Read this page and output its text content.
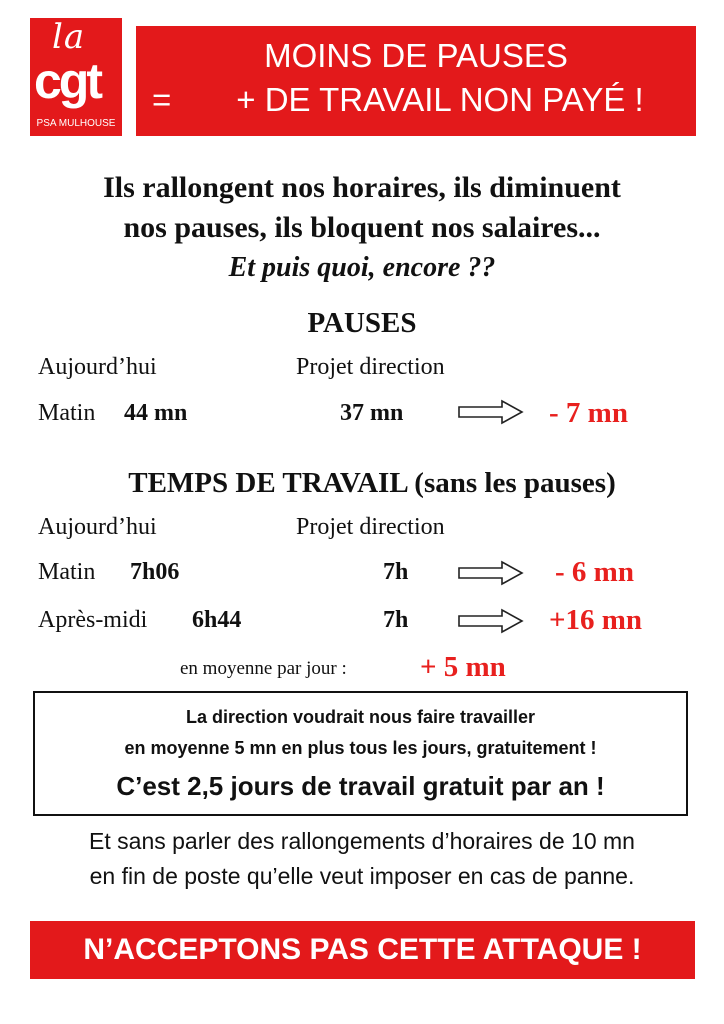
la
cgt
PSA MULHOUSE
MOINS DE PAUSES
= + DE TRAVAIL NON PAYÉ !
Ils rallongent nos horaires, ils diminuent
nos pauses, ils bloquent nos salaires...
Et puis quoi, encore ??
PAUSES
Aujourd’hui	Projet direction
Matin 44 mn	37 mn	- 7 mn
TEMPS DE TRAVAIL (sans les pauses)
Aujourd’hui	Projet direction
Matin 7h06	7h	- 6 mn
Après-midi 6h44	7h	+16 mn
en moyenne par jour :	+ 5 mn
La direction voudrait nous faire travailler
en moyenne 5 mn en plus tous les jours, gratuitement !
C’est 2,5 jours de travail gratuit par an !
Et sans parler des rallongements d’horaires de 10 mn
en fin de poste qu’elle veut imposer en cas de panne.
N’ACCEPTONS PAS CETTE ATTAQUE !
